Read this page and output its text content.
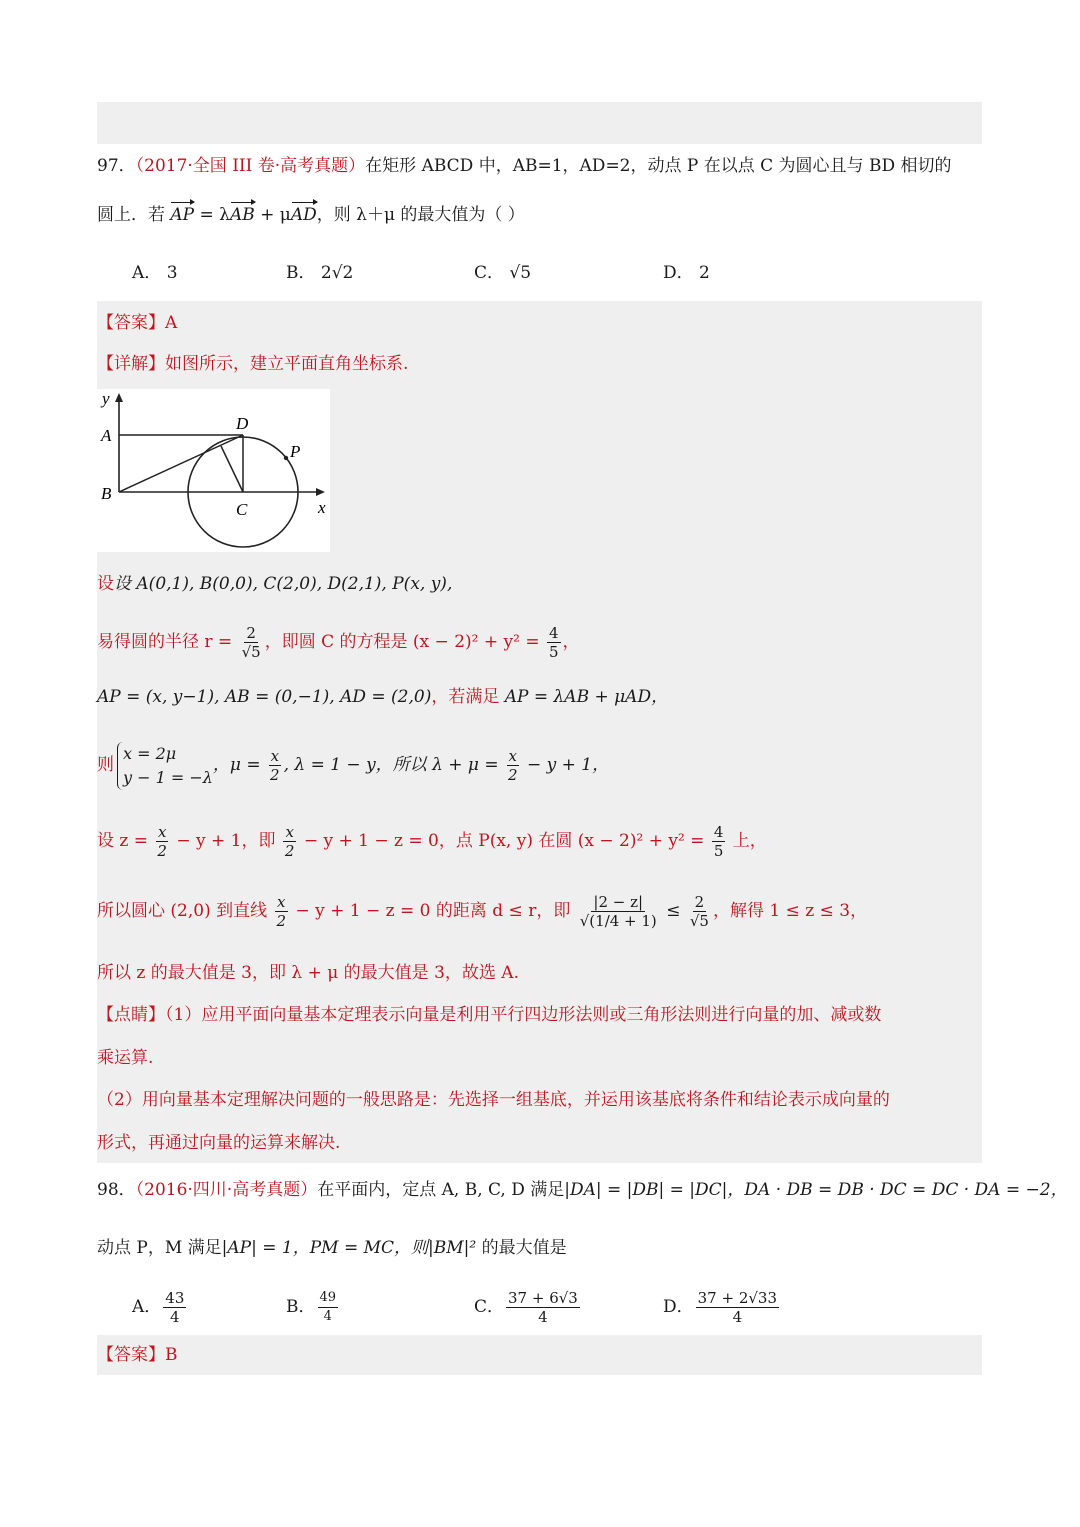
97．（2017·全国 III 卷·高考真题）在矩形 ABCD 中，AB=1，AD=2，动点 P 在以点 C 为圆心且与 BD 相切的
圆上．若 AP = λAB + μAD，则 λ＋μ 的最大值为（ ）
A． 3	B． 2√2	C． √5	D． 2
【答案】A
【详解】如图所示，建立平面直角坐标系.
y
x
A
B
C
D
P
设设 A(0,1), B(0,0), C(2,0), D(2,1), P(x, y),
易得圆的半径 $r = \frac{2}{√5}$ ，即圆 C 的方程是 $(x - 2)^2 + y^2 = \frac{4}{5}$ ，
AP = (x, y−1), AB = (0,−1), AD = (2,0)，若满足 AP = λAB + μAD，
则
x = 2μ
y − 1 = −λ
，$\mu = \frac{x}{2}$ , λ = 1 − y，所以 $\lambda + \mu = \frac{x}{2} - y + 1$，
设 $z = \frac{x}{2} - y + 1$，即 $\frac{x}{2} - y + 1 - z = 0$，点 P(x, y) 在圆 $(x - 2)^2 + y^2 = \frac{4}{5}$ 上，
所以圆心 (2,0) 到直线 $\frac{x}{2} - y + 1 - z = 0$ 的距离 d ≤ r，即 $\frac{|2 - z|}{√(1/4 + 1)} \le \frac{2}{√5}$ ，解得 1 ≤ z ≤ 3，
所以 z 的最大值是 3，即 λ + μ 的最大值是 3，故选 A.
【点睛】（1）应用平面向量基本定理表示向量是利用平行四边形法则或三角形法则进行向量的加、减或数
乘运算.
（2）用向量基本定理解决问题的一般思路是：先选择一组基底，并运用该基底将条件和结论表示成向量的
形式，再通过向量的运算来解决.
98．（2016·四川·高考真题）在平面内，定点 A, B, C, D 满足|DA| = |DB| = |DC|，DA · DB = DB · DC = DC · DA = −2，
动点 P，M 满足|AP| = 1，PM = MC，则|BM|² 的最大值是
A． $\frac{43}{4}$	B． $\frac{49}{4}$	C． $\frac{37 + 6√3}{4}$	D． $\frac{37 + 2√33}{4}$
【答案】B
